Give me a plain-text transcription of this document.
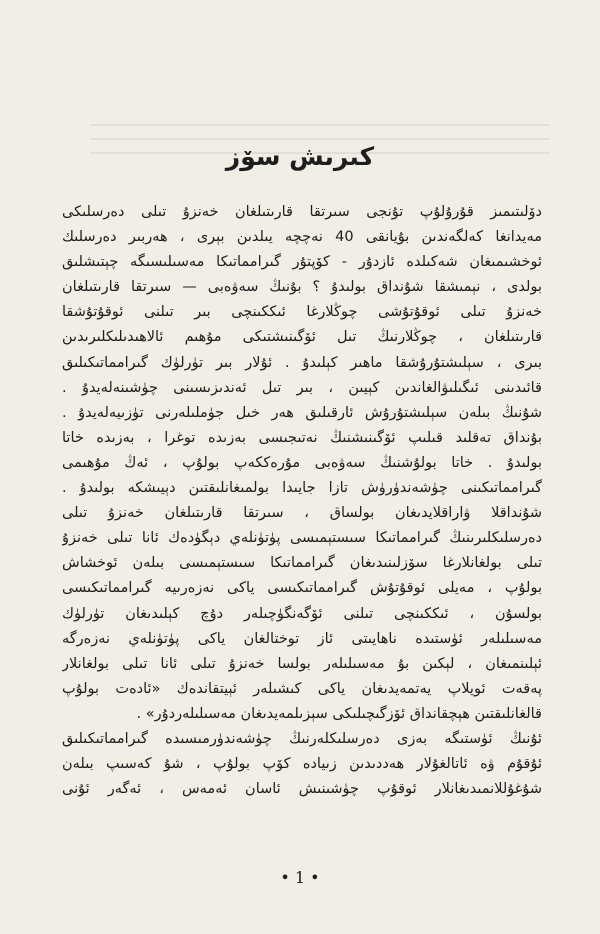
كىرىش سۆز
دۆلىتىمىز قۇرۇلۇپ تۇنجى سىرتقا قارىتىلغان خەنزۇ تىلى دەرسلىكى
مەيدانغا كەلگەندىن بۇيانقى 40 نەچچە يىلدىن بېرى ، ھەربىر دەرسلىك
ئوخشىمىغان شەكىلدە ئازدۇر - كۆپتۇر گىرامماتىكا مەسىلىسىگە چېتىشلىق
بولدى ، نېمىشقا شۇنداق بولىدۇ ؟ بۇنىڭ سەۋەبى — سىرتقا قارىتىلغان
خەنزۇ تىلى ئوقۇتۇشى چوڭلارغا ئىككىنچى بىر تىلنى ئوقۇتۇشقا
قارىتىلغان ، چوڭلارنىڭ تىل ئۆگىنىشتىكى مۇھىم ئالاھىدىلىكلىرىدىن
بىرى ، سېلىشتۇرۇشقا ماھىر كېلىدۇ . ئۇلار بىر تۈرلۈك گىرامماتىكىلىق
قائىدىنى ئىگىلىۋالغاندىن كېيىن ، بىر تىل ئەندىزىسىنى چۈشىنەلەيدۇ .
شۇنىڭ بىلەن سېلىشتۇرۇش ئارقىلىق ھەر خىل جۈملىلەرنى تۈزىيەلەيدۇ .
بۇنداق تەقلىد قىلىپ ئۆگىنىشنىڭ نەتىجىسى بەزىدە توغرا ، بەزىدە خاتا
بولىدۇ . خاتا بولۇشنىڭ سەۋەبى مۇرەككەپ بولۇپ ، ئەڭ مۇھىمى
گىرامماتىكىنى چۈشەندۈرۈش تازا جايىدا بولمىغانلىقتىن دېيىشكە بولىدۇ .
شۇنداقلا ۋاراقلايدىغان بولساق ، سىرتقا قارىتىلغان خەنزۇ تىلى
دەرسلىكلىرىنىڭ گىرامماتىكا سىستېمىسى پۈتۈنلەي دېگۈدەك ئانا تىلى خەنزۇ
تىلى بولغانلارغا سۆزلىنىدىغان گىرامماتىكا سىستېمىسى بىلەن ئوخشاش
بولۇپ ، مەيلى ئوقۇتۇش گىرامماتىكىسى ياكى نەزەرىيە گىرامماتىكىسى
بولسۇن ، ئىككىنچى تىلنى ئۆگەنگۈچىلەر دۇچ كېلىدىغان تۈرلۈك
مەسىلىلەر ئۈستىدە ناھايىتى ئاز توختالغان ياكى پۈتۈنلەي نەزەرگە
ئېلىنمىغان ، لېكىن بۇ مەسىلىلەر بولسا خەنزۇ تىلى ئانا تىلى بولغانلار
پەقەت ئويلاپ يەتمەيدىغان ياكى كىشىلەر ئېيتقاندەك «ئادەت بولۇپ
قالغانلىقتىن ھېچقانداق ئۆزگىچىلىكى سېزىلمەيدىغان مەسىلىلەردۇر» .
ئۇنىڭ ئۈستىگە بەزى دەرسلىكلەرنىڭ چۈشەندۈرمىسىدە گىرامماتىكىلىق
ئۇقۇم ۋە ئاتالغۇلار ھەددىدىن زىيادە كۆپ بولۇپ ، شۇ كەسىپ بىلەن
شۇغۇللانمىدىغانلار ئوقۇپ چۈشىنىش ئاسان ئەمەس ، ئەگەر ئۇنى
• 1 •
